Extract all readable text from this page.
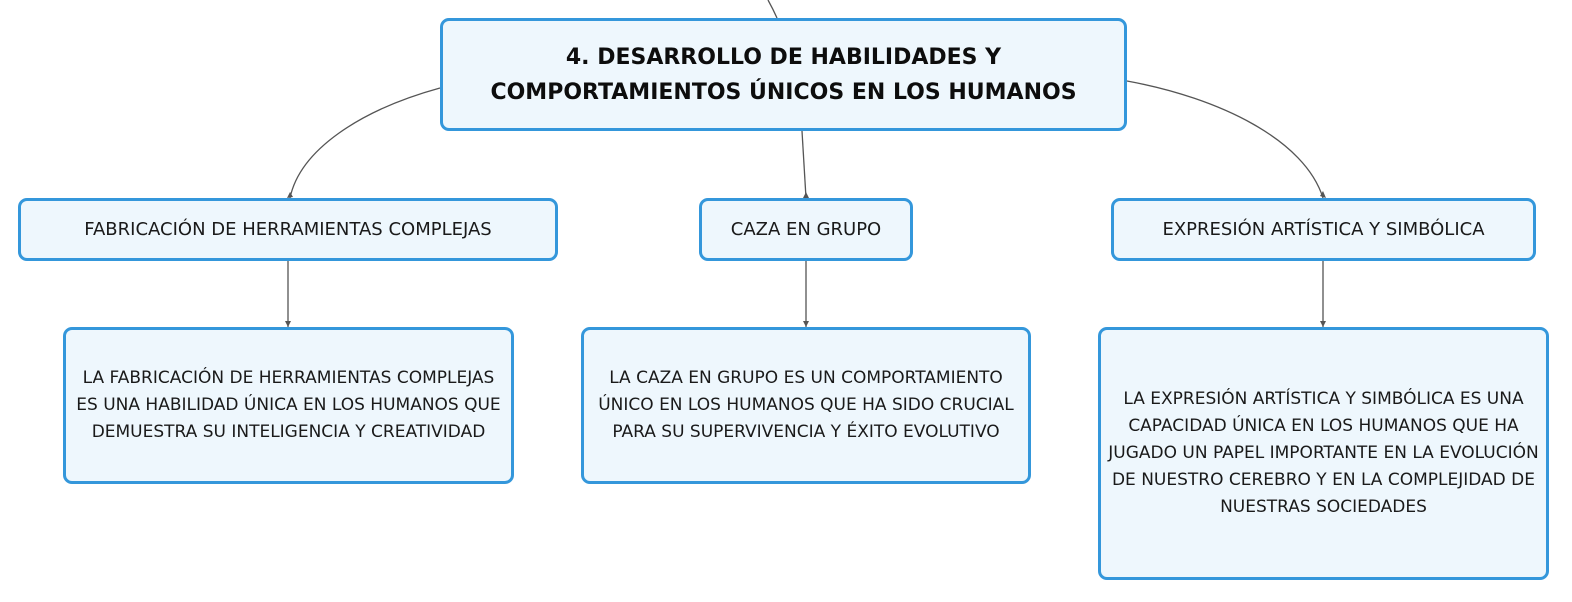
4. DESARROLLO DE HABILIDADES Y COMPORTAMIENTOS ÚNICOS EN LOS HUMANOS
FABRICACIÓN DE HERRAMIENTAS COMPLEJAS	CAZA EN GRUPO	EXPRESIÓN ARTÍSTICA Y SIMBÓLICA
LA FABRICACIÓN DE HERRAMIENTAS COMPLEJAS ES UNA HABILIDAD ÚNICA EN LOS HUMANOS QUE DEMUESTRA SU INTELIGENCIA Y CREATIVIDAD
LA CAZA EN GRUPO ES UN COMPORTAMIENTO ÚNICO EN LOS HUMANOS QUE HA SIDO CRUCIAL PARA SU SUPERVIVENCIA Y ÉXITO EVOLUTIVO
LA EXPRESIÓN ARTÍSTICA Y SIMBÓLICA ES UNA CAPACIDAD ÚNICA EN LOS HUMANOS QUE HA JUGADO UN PAPEL IMPORTANTE EN LA EVOLUCIÓN DE NUESTRO CEREBRO Y EN LA COMPLEJIDAD DE NUESTRAS SOCIEDADES
